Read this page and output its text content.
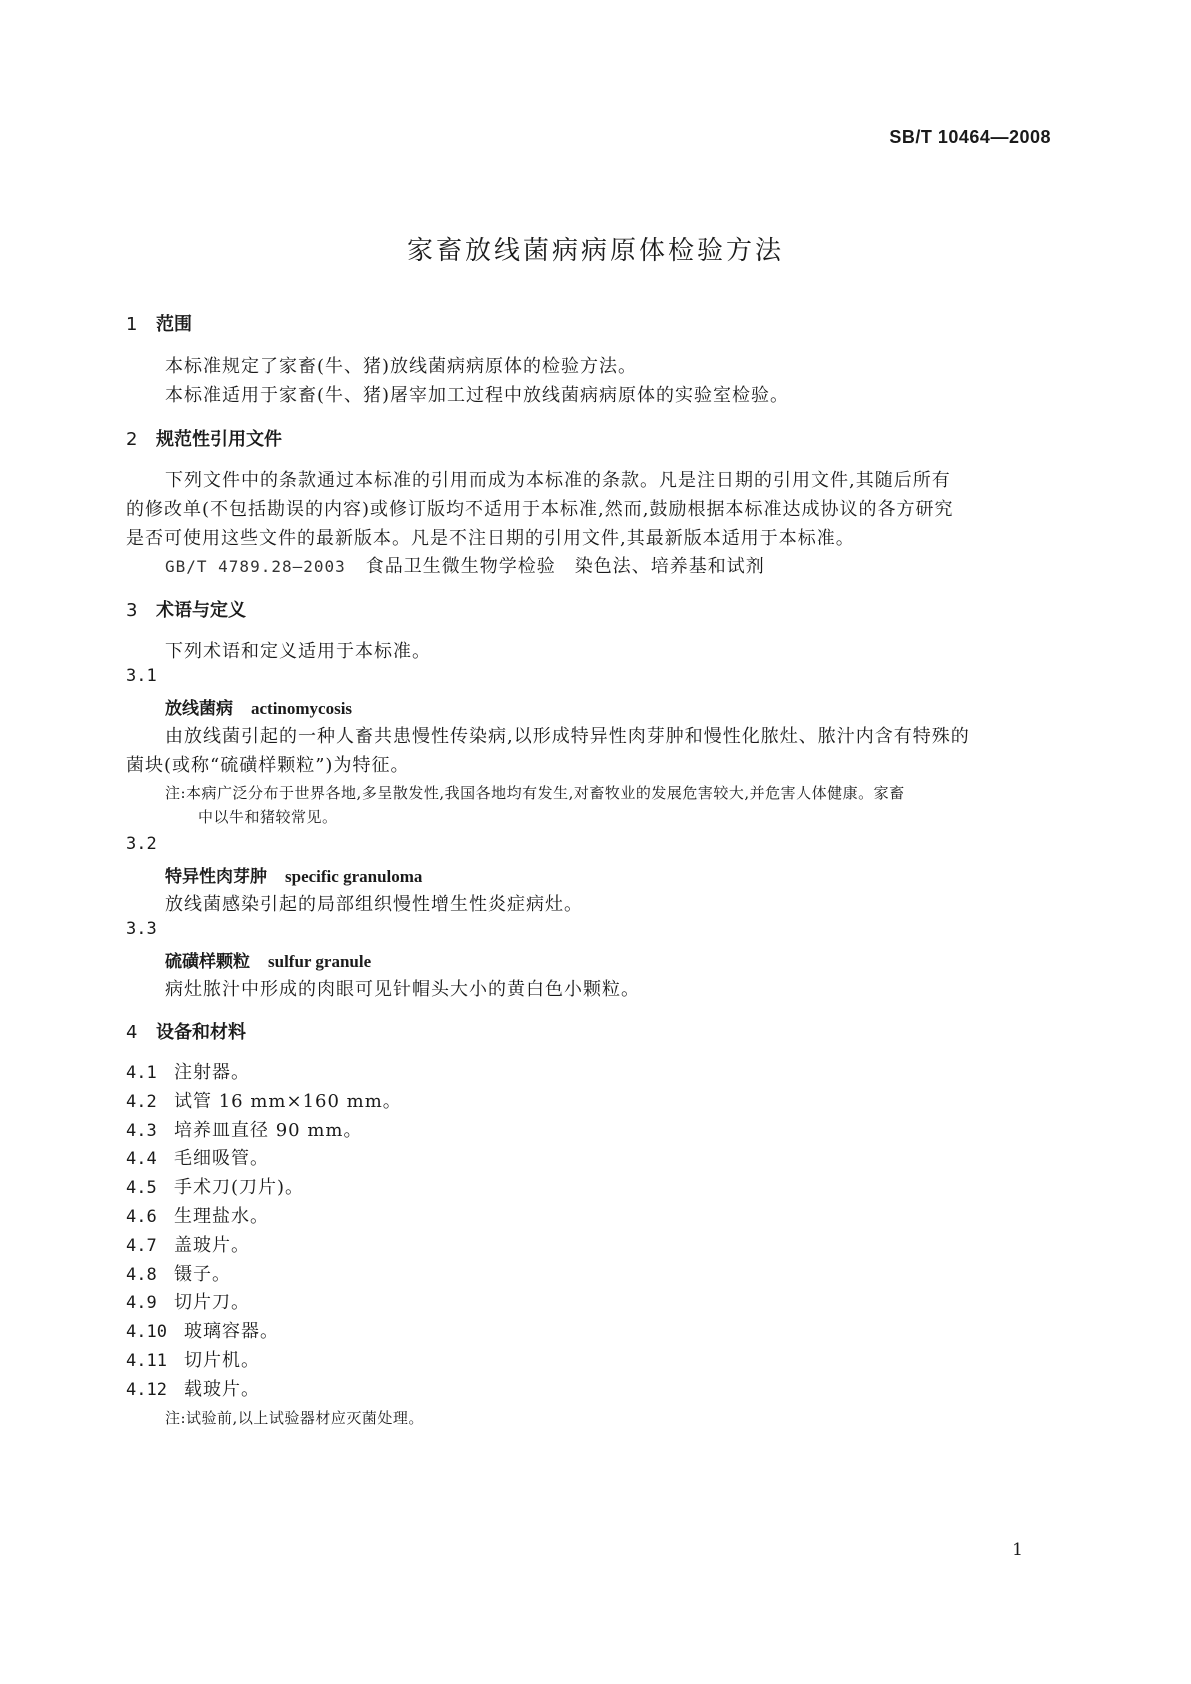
SB/T 10464—2008
家畜放线菌病病原体检验方法
1 范围
本标准规定了家畜(牛、猪)放线菌病病原体的检验方法。
本标准适用于家畜(牛、猪)屠宰加工过程中放线菌病病原体的实验室检验。
2 规范性引用文件
下列文件中的条款通过本标准的引用而成为本标准的条款。凡是注日期的引用文件,其随后所有
的修改单(不包括勘误的内容)或修订版均不适用于本标准,然而,鼓励根据本标准达成协议的各方研究
是否可使用这些文件的最新版本。凡是不注日期的引用文件,其最新版本适用于本标准。
GB/T 4789.28—2003 食品卫生微生物学检验　染色法、培养基和试剂
3 术语与定义
下列术语和定义适用于本标准。
3.1
放线菌病 actinomycosis
由放线菌引起的一种人畜共患慢性传染病,以形成特异性肉芽肿和慢性化脓灶、脓汁内含有特殊的
菌块(或称“硫磺样颗粒”)为特征。
注:本病广泛分布于世界各地,多呈散发性,我国各地均有发生,对畜牧业的发展危害较大,并危害人体健康。家畜
中以牛和猪较常见。
3.2
特异性肉芽肿 specific granuloma
放线菌感染引起的局部组织慢性增生性炎症病灶。
3.3
硫磺样颗粒 sulfur granule
病灶脓汁中形成的肉眼可见针帽头大小的黄白色小颗粒。
4 设备和材料
4.1 注射器。
4.2 试管 16 mm×160 mm。
4.3 培养皿直径 90 mm。
4.4 毛细吸管。
4.5 手术刀(刀片)。
4.6 生理盐水。
4.7 盖玻片。
4.8 镊子。
4.9 切片刀。
4.10 玻璃容器。
4.11 切片机。
4.12 载玻片。
注:试验前,以上试验器材应灭菌处理。
1
